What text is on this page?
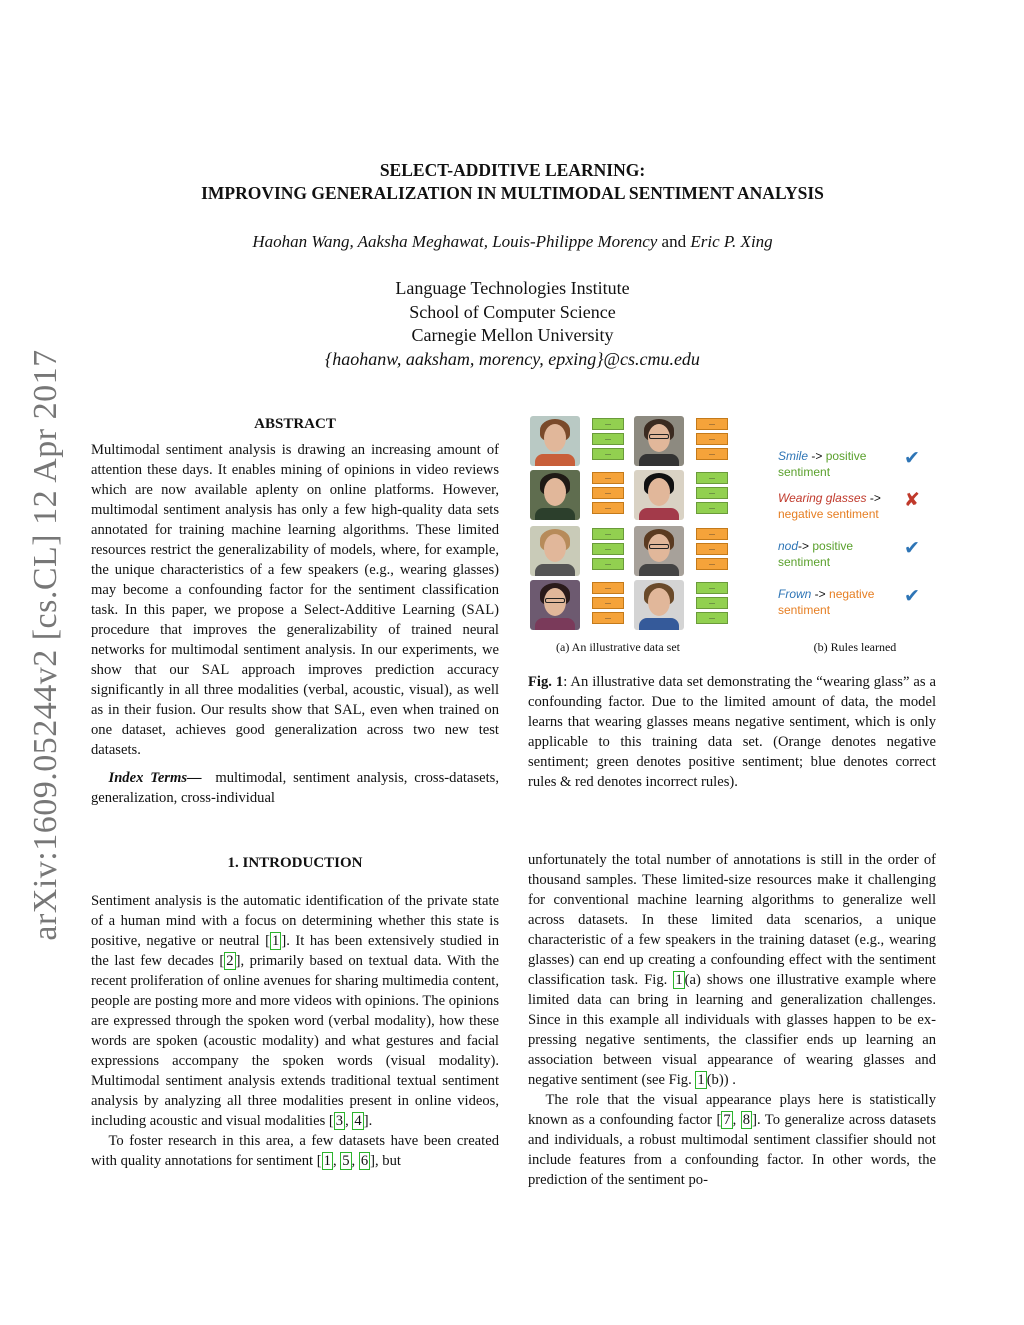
arXiv:1609.05244v2 [cs.CL] 12 Apr 2017
SELECT-ADDITIVE LEARNING:
IMPROVING GENERALIZATION IN MULTIMODAL SENTIMENT ANALYSIS
Haohan Wang, Aaksha Meghawat, Louis-Philippe Morency and Eric P. Xing
Language Technologies Institute
School of Computer Science
Carnegie Mellon University
{haohanw, aaksham, morency, epxing}@cs.cmu.edu
ABSTRACT

Multimodal sentiment analysis is drawing an increasing amount of attention these days. It enables mining of opinions in video reviews which are now available aplenty on online platforms. However, multimodal sentiment analysis has only a few high-quality data sets annotated for training machine learning algorithms. These limited resources restrict the generalizability of models, where, for example, the unique characteristics of a few speakers (e.g., wearing glasses) may become a confounding factor for the sentiment classification task. In this paper, we propose a Select-Additive Learning (SAL) procedure that improves the generalizability of trained neural networks for multimodal sentiment analysis. In our experiments, we show that our SAL approach improves prediction accuracy significantly in all three modalities (verbal, acoustic, visual), as well as in their fusion. Our results show that SAL, even when trained on one dataset, achieves good generalization across two new test datasets.

Index Terms— multimodal, sentiment analysis, cross-datasets, generalization, cross-individual

1. INTRODUCTION

Sentiment analysis is the automatic identification of the private state of a human mind with a focus on determining whether this state is positive, negative or neutral [ 1 ]. It has been extensively studied in the last few decades [ 2 ], primarily based on textual data. With the recent proliferation of online avenues for sharing multimedia content, people are posting more and more videos with opinions. The opinions are expressed through the spoken word (verbal modality), how these words are spoken (acoustic modality) and what gestures and facial expressions accompany the spoken words (visual modality). Multimodal sentiment analysis extends traditional textual sentiment analysis by analyzing all three modalities present in online videos, including acoustic and visual modalities [ 3 , 4 ].

To foster research in this area, a few datasets have been created with quality annotations for sentiment [ 1 , 5 , 6 ], but

unfortunately the total number of annotations is still in the order of thousand samples. These limited-size resources make it challenging for conventional machine learning algorithms to generalize well across datasets. In these limited data scenarios, a unique characteristic of a few speakers in the training dataset (e.g., wearing glasses) can end up creating a confounding effect with the sentiment classification task. Fig. 1 (a) shows one illustrative example where limited data can bring in learning and generalization challenges. Since in this example all individuals with glasses happen to be expressing negative sentiments, the classifier ends up learning an association between visual appearance of wearing glasses and negative sentiment (see Fig. 1 (b)) .

The role that the visual appearance plays here is statistically known as a confounding factor [ 7 , 8 ]. To generalize across datasets and individuals, a robust multimodal sentiment classifier should not include features from a confounding factor. In other words, the prediction of the sentiment po-

...
...
...
...
...
...
...
...
...
...
...
...
...
...
...
...
...
...
...
...
...
...
...
...
Smile -> positive sentiment
✔
Wearing glasses -> negative sentiment
✘
nod-> positive sentiment
✔
Frown -> negative sentiment
✔
(a) An illustrative data set	(b) Rules learned

Fig. 1: An illustrative data set demonstrating the “wearing glass” as a confounding factor. Due to the limited amount of data, the model learns that wearing glasses means negative sentiment, which is only applicable to this training data set. (Orange denotes negative sentiment; green denotes positive sentiment; blue denotes correct rules & red denotes incorrect rules).
